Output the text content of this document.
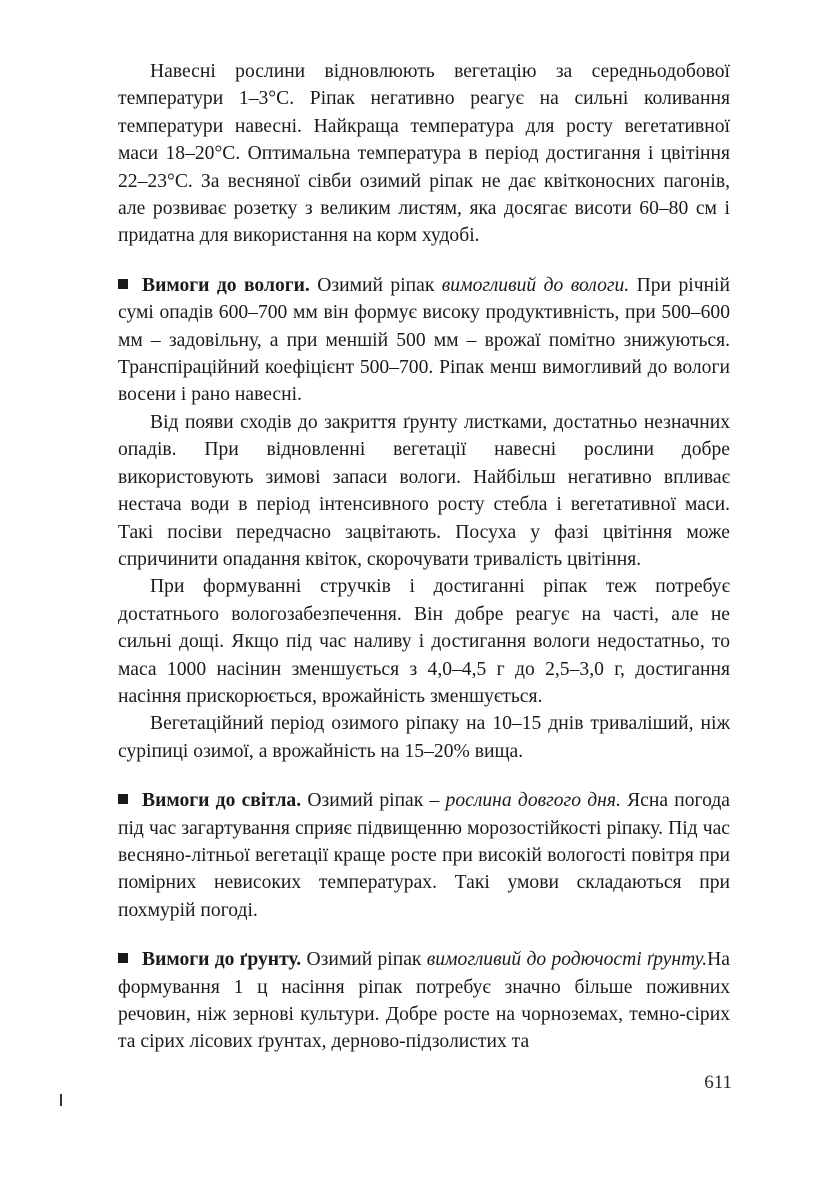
Навесні рослини відновлюють вегетацію за середньодобової температури 1–3°С. Ріпак негативно реагує на сильні коливання температури навесні. Найкраща температура для росту вегетативної маси 18–20°С. Оптимальна температура в період достигання і цвітіння 22–23°С. За весняної сівби озимий ріпак не дає квітконосних пагонів, але розвиває розетку з великим листям, яка досягає висоти 60–80 см і придатна для використання на корм худобі.

Вимоги до вологи. Озимий ріпак вимогливий до вологи. При річній сумі опадів 600–700 мм він формує високу продуктивність, при 500–600 мм – задовільну, а при меншій 500 мм – врожаї помітно знижуються. Транспіраційний коефіцієнт 500–700. Ріпак менш вимогливий до вологи восени і рано навесні.

Від появи сходів до закриття ґрунту листками, достатньо незначних опадів. При відновленні вегетації навесні рослини добре використовують зимові запаси вологи. Найбільш негативно впливає нестача води в період інтенсивного росту стебла і вегетативної маси. Такі посіви передчасно зацвітають. Посуха у фазі цвітіння може спричинити опадання квіток, скорочувати тривалість цвітіння.

При формуванні стручків і достиганні ріпак теж потребує достатнього вологозабезпечення. Він добре реагує на часті, але не сильні дощі. Якщо під час наливу і достигання вологи недостатньо, то маса 1000 насінин зменшується з 4,0–4,5 г до 2,5–3,0 г, достигання насіння прискорюється, врожайність зменшується.

Вегетаційний період озимого ріпаку на 10–15 днів триваліший, ніж суріпиці озимої, а врожайність на 15–20% вища.

Вимоги до світла. Озимий ріпак – рослина довгого дня. Ясна погода під час загартування сприяє підвищенню морозостійкості ріпаку. Під час весняно-літньої вегетації краще росте при високій вологості повітря при помірних невисоких температурах. Такі умови складаються при похмурій погоді.

Вимоги до ґрунту. Озимий ріпак вимогливий до родючості ґрунту.На формування 1 ц насіння ріпак потребує значно більше поживних речовин, ніж зернові культури. Добре росте на чорноземах, темно-сірих та сірих лісових ґрунтах, дерново-підзолистих та

611
